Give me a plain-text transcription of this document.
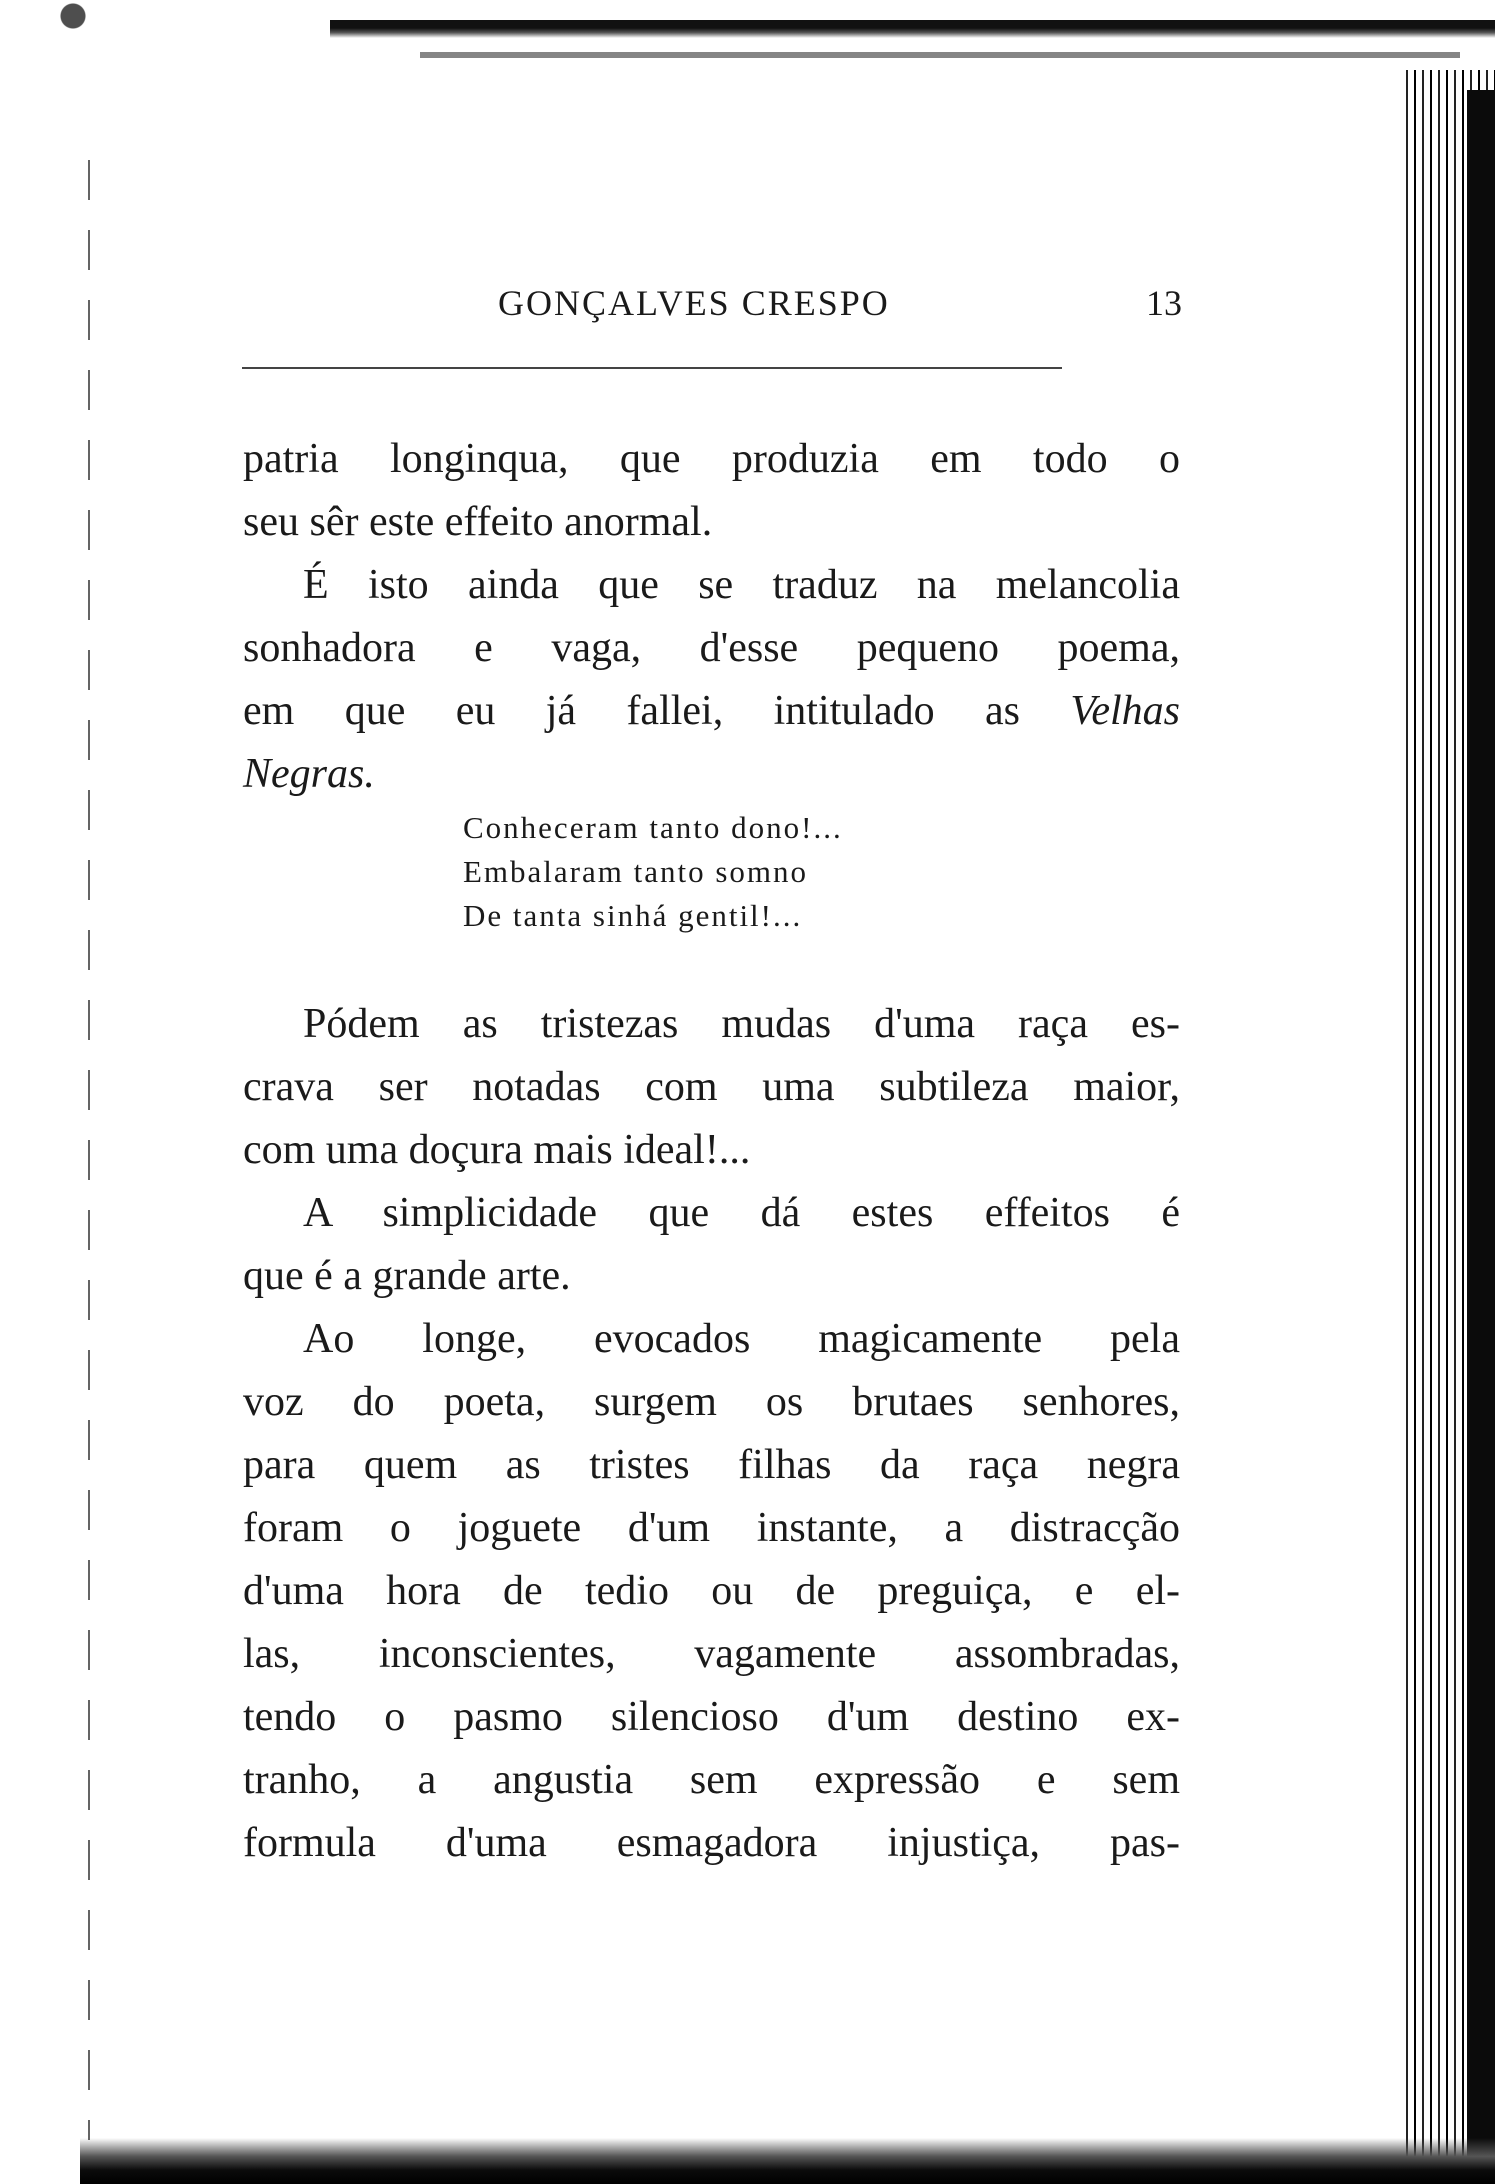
GONÇALVES CRESPO	13
patria longinqua, que produzia em todo o
seu sêr este effeito anormal.
É isto ainda que se traduz na melancolia
sonhadora e vaga, d'esse pequeno poema,
em que eu já fallei, intitulado as Velhas
Negras.
Conheceram tanto dono!...
Embalaram tanto somno
De tanta sinhá gentil!...
Pódem as tristezas mudas d'uma raça es-
crava ser notadas com uma subtileza maior,
com uma doçura mais ideal!...
A simplicidade que dá estes effeitos é
que é a grande arte.
Ao longe, evocados magicamente pela
voz do poeta, surgem os brutaes senhores,
para quem as tristes filhas da raça negra
foram o joguete d'um instante, a distracção
d'uma hora de tedio ou de preguiça, e el-
las, inconscientes, vagamente assombradas,
tendo o pasmo silencioso d'um destino ex-
tranho, a angustia sem expressão e sem
formula d'uma esmagadora injustiça, pas-
